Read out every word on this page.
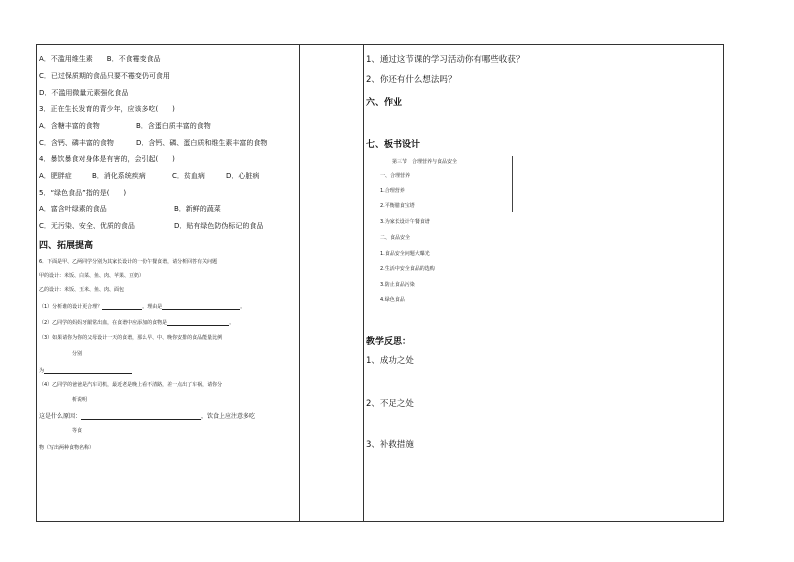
A．不滥用维生素　　B．不食霉变食品
C．已过保质期的食品只要不霉变仍可食用
D．不滥用微量元素强化食品
3．正在生长发育的青少年，应该多吃(　　)
A．含糖丰富的食物	B．含蛋白质丰富的食物
C．含钙、磷丰富的食物	D．含钙、磷、蛋白质和维生素丰富的食物
4．暴饮暴食对身体是有害的，会引起(　　)
A．肥胖症	B．消化系统疾病	C．贫血病	D．心脏病
5．“绿色食品”指的是(　　)
A．富含叶绿素的食品	B．新鲜的蔬菜
C．无污染、安全、优质的食品	D．贴有绿色防伪标记的食品
四、拓展提高
6．下面是甲、乙两同学分别为其家长设计的一份午餐食谱，请分析回答有关问题
甲的设计：米饭、白菜、鱼、肉、苹果、豆奶）
乙的设计：米饭、玉米、鱼、肉、面包
（1）分析谁的设计更合理？	。理由是	。
（2）乙同学的妈妈牙龈常出血，在食谱中应添加的食物是	。
（3）如果请你为你的父母设计一天的食谱，那么早、中、晚你安排的食品能量比例
分别
为
（4）乙同学的爸爸是汽车司机，最近老是晚上看不清路，差一点出了车祸，请你分
析说明
这是什么原因：	，饮食上应注意多吃
等食
物（写出两种食物名称）
1、通过这节课的学习活动你有哪些收获？
2、你还有什么想法吗？
六、作业
七、板书设计
第三节　合理营养与食品安全
一、合理营养
1.合理营养
2.平衡膳食宝塔
3.为家长设计午餐食谱
二、食品安全
1.食品安全问题大曝光
2.生活中安全食品的选购
3.防止食品污染
4.绿色食品
教学反思：
1、成功之处
2、不足之处
3、补救措施
